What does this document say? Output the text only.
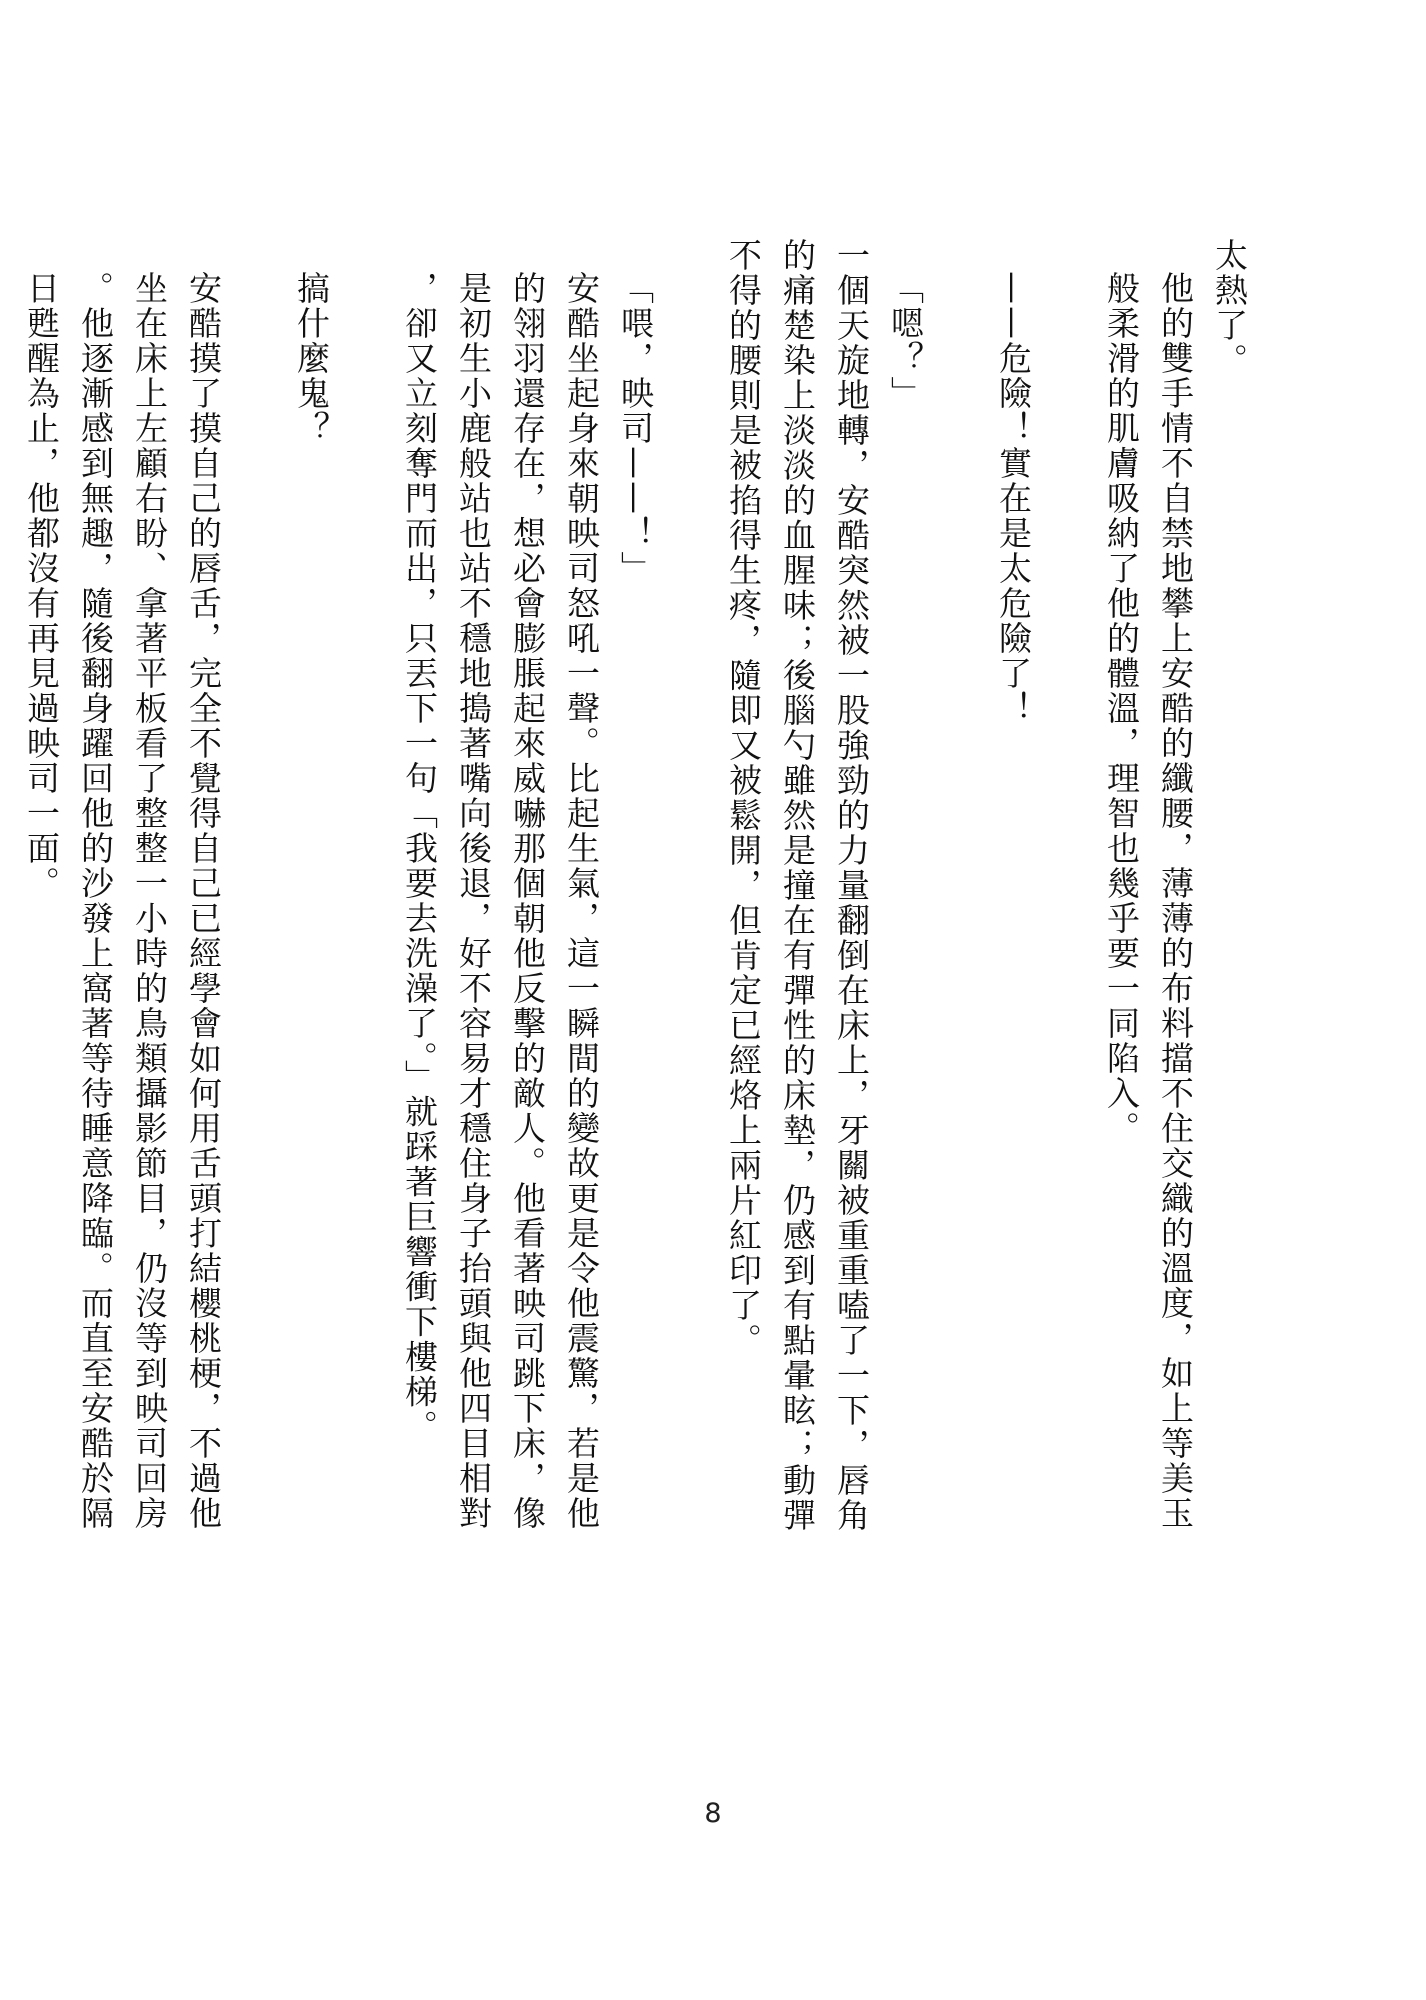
太熱了。

他的雙手情不自禁地攀上安酷的纖腰，薄薄的布料擋不住交織的溫度，如上等美玉般柔滑的肌膚吸納了他的體溫，理智也幾乎要一同陷入。

——危險！實在是太危險了！

「嗯？」

一個天旋地轉，安酷突然被一股強勁的力量翻倒在床上，牙關被重重嗑了一下，唇角的痛楚染上淡淡的血腥味；後腦勺雖然是撞在有彈性的床墊，仍感到有點暈眩；動彈不得的腰則是被掐得生疼，隨即又被鬆開，但肯定已經烙上兩片紅印了。

「喂，映司——！」

安酷坐起身來朝映司怒吼一聲。比起生氣，這一瞬間的變故更是令他震驚，若是他的翎羽還存在，想必會膨脹起來威嚇那個朝他反擊的敵人。他看著映司跳下床，像是初生小鹿般站也站不穩地搗著嘴向後退，好不容易才穩住身子抬頭與他四目相對，卻又立刻奪門而出，只丟下一句「我要去洗澡了。」就踩著巨響衝下樓梯。

搞什麼鬼？

安酷摸了摸自己的唇舌，完全不覺得自己已經學會如何用舌頭打結櫻桃梗，不過他坐在床上左顧右盼、拿著平板看了整整一小時的鳥類攝影節目，仍沒等到映司回房。他逐漸感到無趣，隨後翻身躍回他的沙發上窩著等待睡意降臨。而直至安酷於隔日甦醒為止，他都沒有再見過映司一面。

8
